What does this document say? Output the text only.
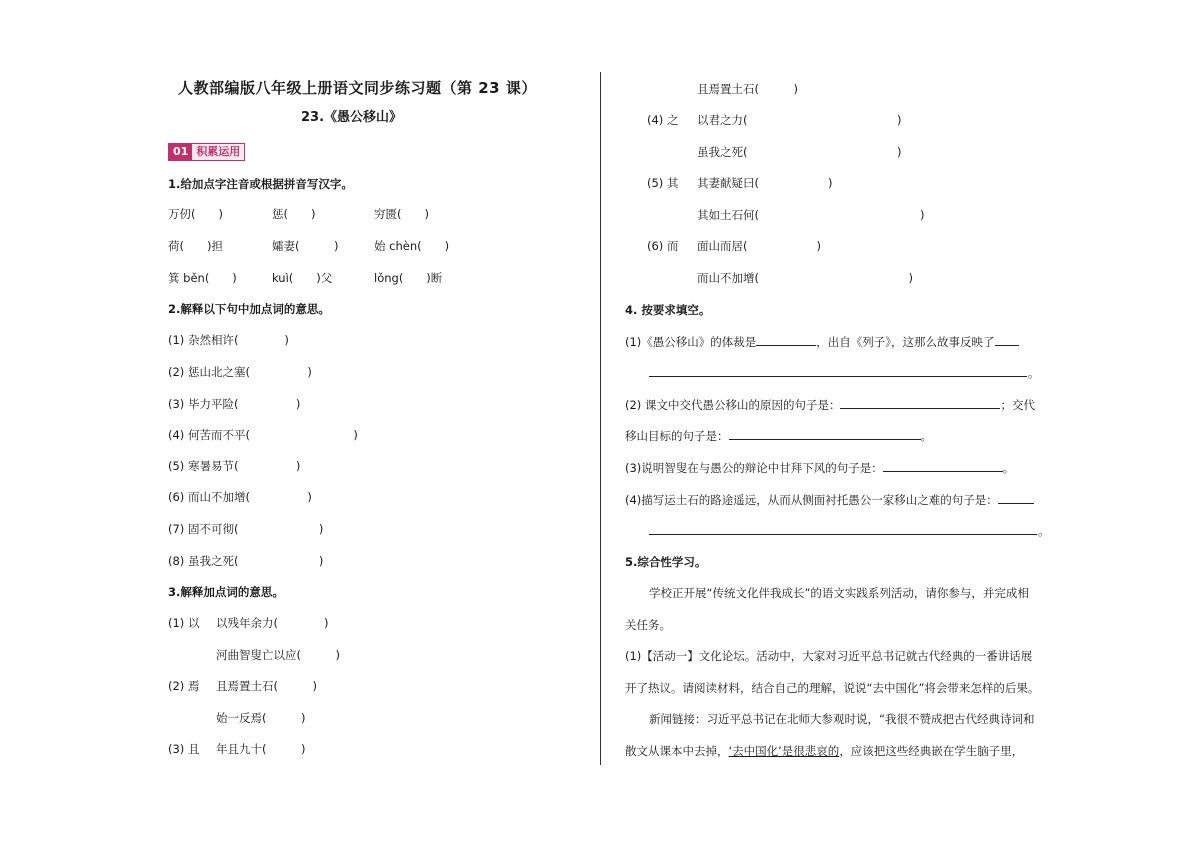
人教部编版八年级上册语文同步练习题（第 23 课）
23.《愚公移山》
01 积累运用
1.给加点字注音或根据拼音写汉字。
万仞(　　)	惩(　　)	穷匮(　　)
荷(　　)担	孀妻(　　　)	始 chèn(　　)
箕 běn(　　)	kuì(　　)父	lǒng(　　)断
2.解释以下句中加点词的意思。
(1) 杂然相许(　　　　)
(2) 惩山北之塞(　　　　　)
(3) 毕力平险(　　　　　)
(4) 何苦而不平(　　　　　　　　　)
(5) 寒暑易节(　　　　　)
(6) 而山不加增(　　　　　)
(7) 固不可彻(　　　　　　　)
(8) 虽我之死(　　　　　　　)
3.解释加点词的意思。
(1) 以 以残年余力(　　　　)
河曲智叟亡以应(　　　)
(2) 焉 且焉置土石(　　　)
始一反焉(　　　)
(3) 且 年且九十(　　　)
且焉置土石(　　　)
(4) 之 以君之力(　　　　　　　　　　　　　)
虽我之死(　　　　　　　　　　　　　)
(5) 其 其妻献疑曰(　　　　　　)
其如土石何(　　　　　　　　　　　　　　)
(6) 而 面山而居(　　　　　　)
而山不加增(　　　　　　　　　　　　　)
4. 按要求填空。
(1)《愚公移山》的体裁是	，出自《列子》，这那么故事反映了
。
(2) 课文中交代愚公移山的原因的句子是：	；交代
移山目标的句子是：	。
(3)说明智叟在与愚公的辩论中甘拜下风的句子是：	。
(4)描写运土石的路途遥远，从而从侧面衬托愚公一家移山之难的句子是：
。
5.综合性学习。
学校正开展“传统文化伴我成长”的语文实践系列活动，请你参与，并完成相
关任务。
(1)【活动一】文化论坛。活动中，大家对习近平总书记就古代经典的一番讲话展
开了热议。请阅读材料，结合自己的理解，说说“去中国化”将会带来怎样的后果。
新闻链接：习近平总书记在北师大参观时说，“我很不赞成把古代经典诗词和
散文从课本中去掉，‘去中国化’是很悲哀的，应该把这些经典嵌在学生脑子里，
